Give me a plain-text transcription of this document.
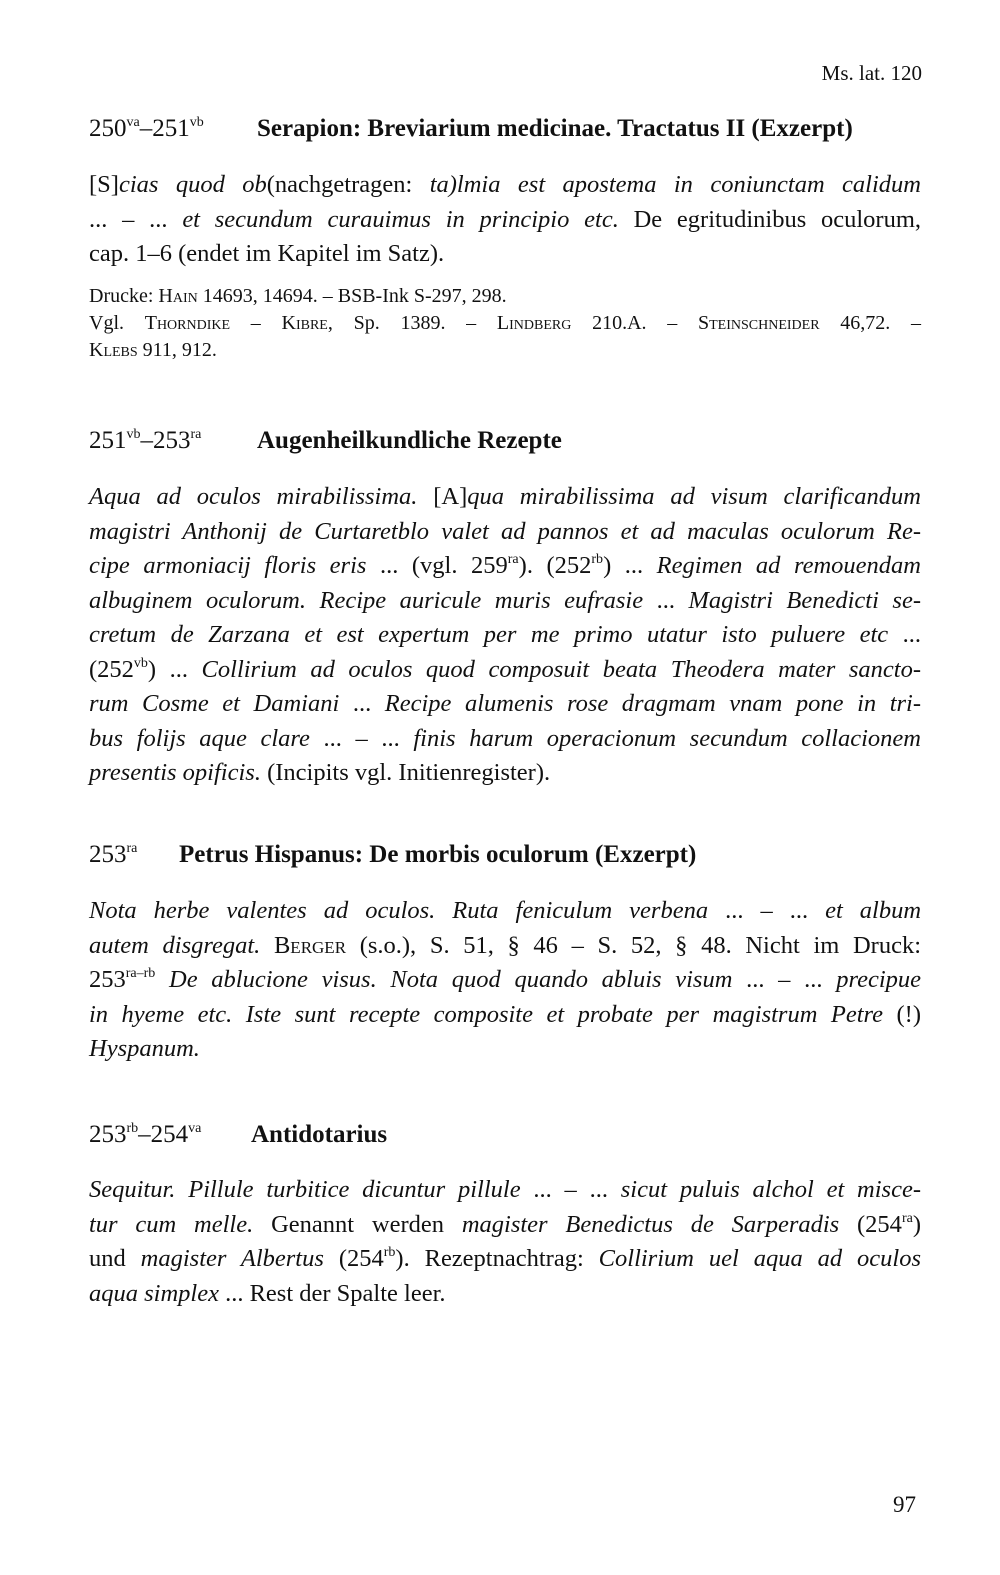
Ms. lat. 120
$250^{va}-251^{vb}$ Serapion: Breviarium medicinae. Tractatus II (Exzerpt)
[S]cias quod ob(nachgetragen: ta)lmia est apostema in coniunctam calidum
... – ... et secundum curauimus in principio etc. De egritudinibus oculorum,
cap. 1–6 (endet im Kapitel im Satz).
Drucke: Hain 14693, 14694. – BSB-Ink S-297, 298.
Vgl. Thorndike – Kibre, Sp. 1389. – Lindberg 210.A. – Steinschneider 46,72. –
Klebs 911, 912.
$251^{vb}-253^{ra}$ Augenheilkundliche Rezepte
Aqua ad oculos mirabilissima. [A]qua mirabilissima ad visum clarificandum
magistri Anthonij de Curtaretblo valet ad pannos et ad maculas oculorum Re-
cipe armoniacij floris eris ... (vgl. $259^{ra}$). $(252^{rb})$ ... Regimen ad remouendam
albuginem oculorum. Recipe auricule muris eufrasie ... Magistri Benedicti se-
cretum de Zarzana et est expertum per me primo utatur isto puluere etc ...
$(252^{vb})$ ... Collirium ad oculos quod composuit beata Theodera mater sancto-
rum Cosme et Damiani ... Recipe alumenis rose dragmam vnam pone in tri-
bus folijs aque clare ... – ... finis harum operacionum secundum collacionem
presentis opificis. (Incipits vgl. Initienregister).
$253^{ra}$ Petrus Hispanus: De morbis oculorum (Exzerpt)
Nota herbe valentes ad oculos. Ruta feniculum verbena ... – ... et album
autem disgregat. Berger (s.o.), S. 51, § 46 – S. 52, § 48. Nicht im Druck:
$253^{ra-rb}$ De ablucione visus. Nota quod quando abluis visum ... – ... precipue
in hyeme etc. Iste sunt recepte composite et probate per magistrum Petre (!)
Hyspanum.
$253^{rb}-254^{va}$ Antidotarius
Sequitur. Pillule turbitice dicuntur pillule ... – ... sicut puluis alchol et misce-
tur cum melle. Genannt werden magister Benedictus de Sarperadis $(254^{ra})$
und magister Albertus $(254^{rb})$. Rezeptnachtrag: Collirium uel aqua ad oculos
aqua simplex ... Rest der Spalte leer.
97
